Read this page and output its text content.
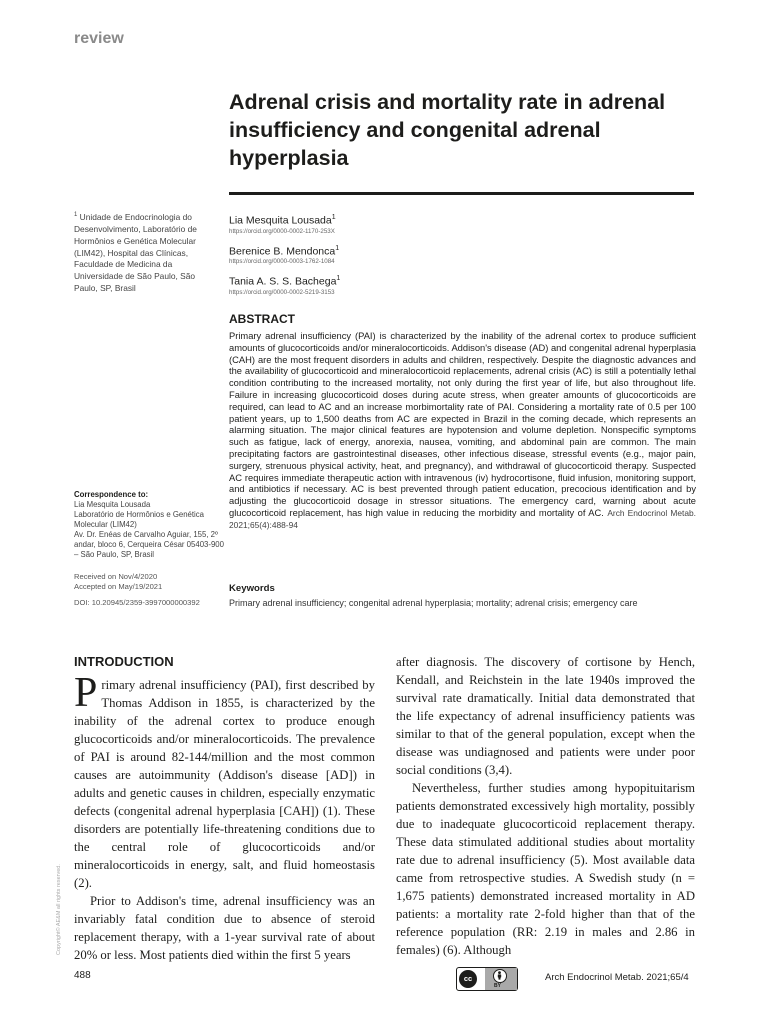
review
Adrenal crisis and mortality rate in adrenal insufficiency and congenital adrenal hyperplasia
$^1$ Unidade de Endocrinologia do Desenvolvimento, Laboratório de Hormônios e Genética Molecular (LIM42), Hospital das Clínicas, Faculdade de Medicina da Universidade de São Paulo, São Paulo, SP, Brasil
Lia Mesquita Lousada$^1$
https://orcid.org/0000-0002-1170-253X
Berenice B. Mendonca$^1$
https://orcid.org/0000-0003-1762-1084
Tania A. S. S. Bachega$^1$
https://orcid.org/0000-0002-5219-3153
ABSTRACT
Primary adrenal insufficiency (PAI) is characterized by the inability of the adrenal cortex to produce sufficient amounts of glucocorticoids and/or mineralocorticoids. Addison's disease (AD) and congenital adrenal hyperplasia (CAH) are the most frequent disorders in adults and children, respectively. Despite the diagnostic advances and the availability of glucocorticoid and mineralocorticoid replacements, adrenal crisis (AC) is still a potentially lethal condition contributing to the increased mortality, not only during the first year of life, but also throughout life. Failure in increasing glucocorticoid doses during acute stress, when greater amounts of glucocorticoids are required, can lead to AC and an increase morbimortality rate of PAI. Considering a mortality rate of 0.5 per 100 patient years, up to 1,500 deaths from AC are expected in Brazil in the coming decade, which represents an alarming situation. The major clinical features are hypotension and volume depletion. Nonspecific symptoms such as fatigue, lack of energy, anorexia, nausea, vomiting, and abdominal pain are common. The main precipitating factors are gastrointestinal diseases, other infectious disease, stressful events (e.g., major pain, surgery, strenuous physical activity, heat, and pregnancy), and withdrawal of glucocorticoid therapy. Suspected AC requires immediate therapeutic action with intravenous (iv) hydrocortisone, fluid infusion, monitoring support, and antibiotics if necessary. AC is best prevented through patient education, precocious identification and by adjusting the glucocorticoid dosage in stressor situations. The emergency card, warning about acute glucocorticoid replacement, has high value in reducing the morbidity and mortality of AC. Arch Endocrinol Metab. 2021;65(4):488-94
Keywords
Primary adrenal insufficiency; congenital adrenal hyperplasia; mortality; adrenal crisis; emergency care
Correspondence to:
Lia Mesquita Lousada
Laboratório de Hormônios e Genética Molecular (LIM42)
Av. Dr. Enéas de Carvalho Aguiar, 155, 2º andar, bloco 6, Cerqueira César 05403-900 – São Paulo, SP, Brasil
Received on Nov/4/2020
Accepted on May/19/2021
DOI: 10.20945/2359-3997000000392
Copyright© AE&M all rights reserved.
INTRODUCTION

Primary adrenal insufficiency (PAI), first described by Thomas Addison in 1855, is characterized by the inability of the adrenal cortex to produce enough glucocorticoids and/or mineralocorticoids. The prevalence of PAI is around 82-144/million and the most common causes are autoimmunity (Addison's disease [AD]) in adults and genetic causes in children, especially enzymatic defects (congenital adrenal hyperplasia [CAH]) (1). These disorders are potentially life-threatening conditions due to the central role of glucocorticoids and/or mineralocorticoids in energy, salt, and fluid homeostasis (2).

Prior to Addison's time, adrenal insufficiency was an invariably fatal condition due to absence of steroid replacement therapy, with a 1-year survival rate of about 20% or less. Most patients died within the first 5 years

after diagnosis. The discovery of cortisone by Hench, Kendall, and Reichstein in the late 1940s improved the survival rate dramatically. Initial data demonstrated that the life expectancy of adrenal insufficiency patients was similar to that of the general population, except when the disease was undiagnosed and patients were under poor social conditions (3,4).

Nevertheless, further studies among hypopituitarism patients demonstrated excessively high mortality, possibly due to inadequate glucocorticoid replacement therapy. These data stimulated additional studies about mortality rate due to adrenal insufficiency (5). Most available data came from retrospective studies. A Swedish study (n = 1,675 patients) demonstrated increased mortality in AD patients: a mortality rate 2-fold higher than that of the reference population (RR: 2.19 in males and 2.86 in females) (6). Although

488	cc
BY
Arch Endocrinol Metab. 2021;65/4
